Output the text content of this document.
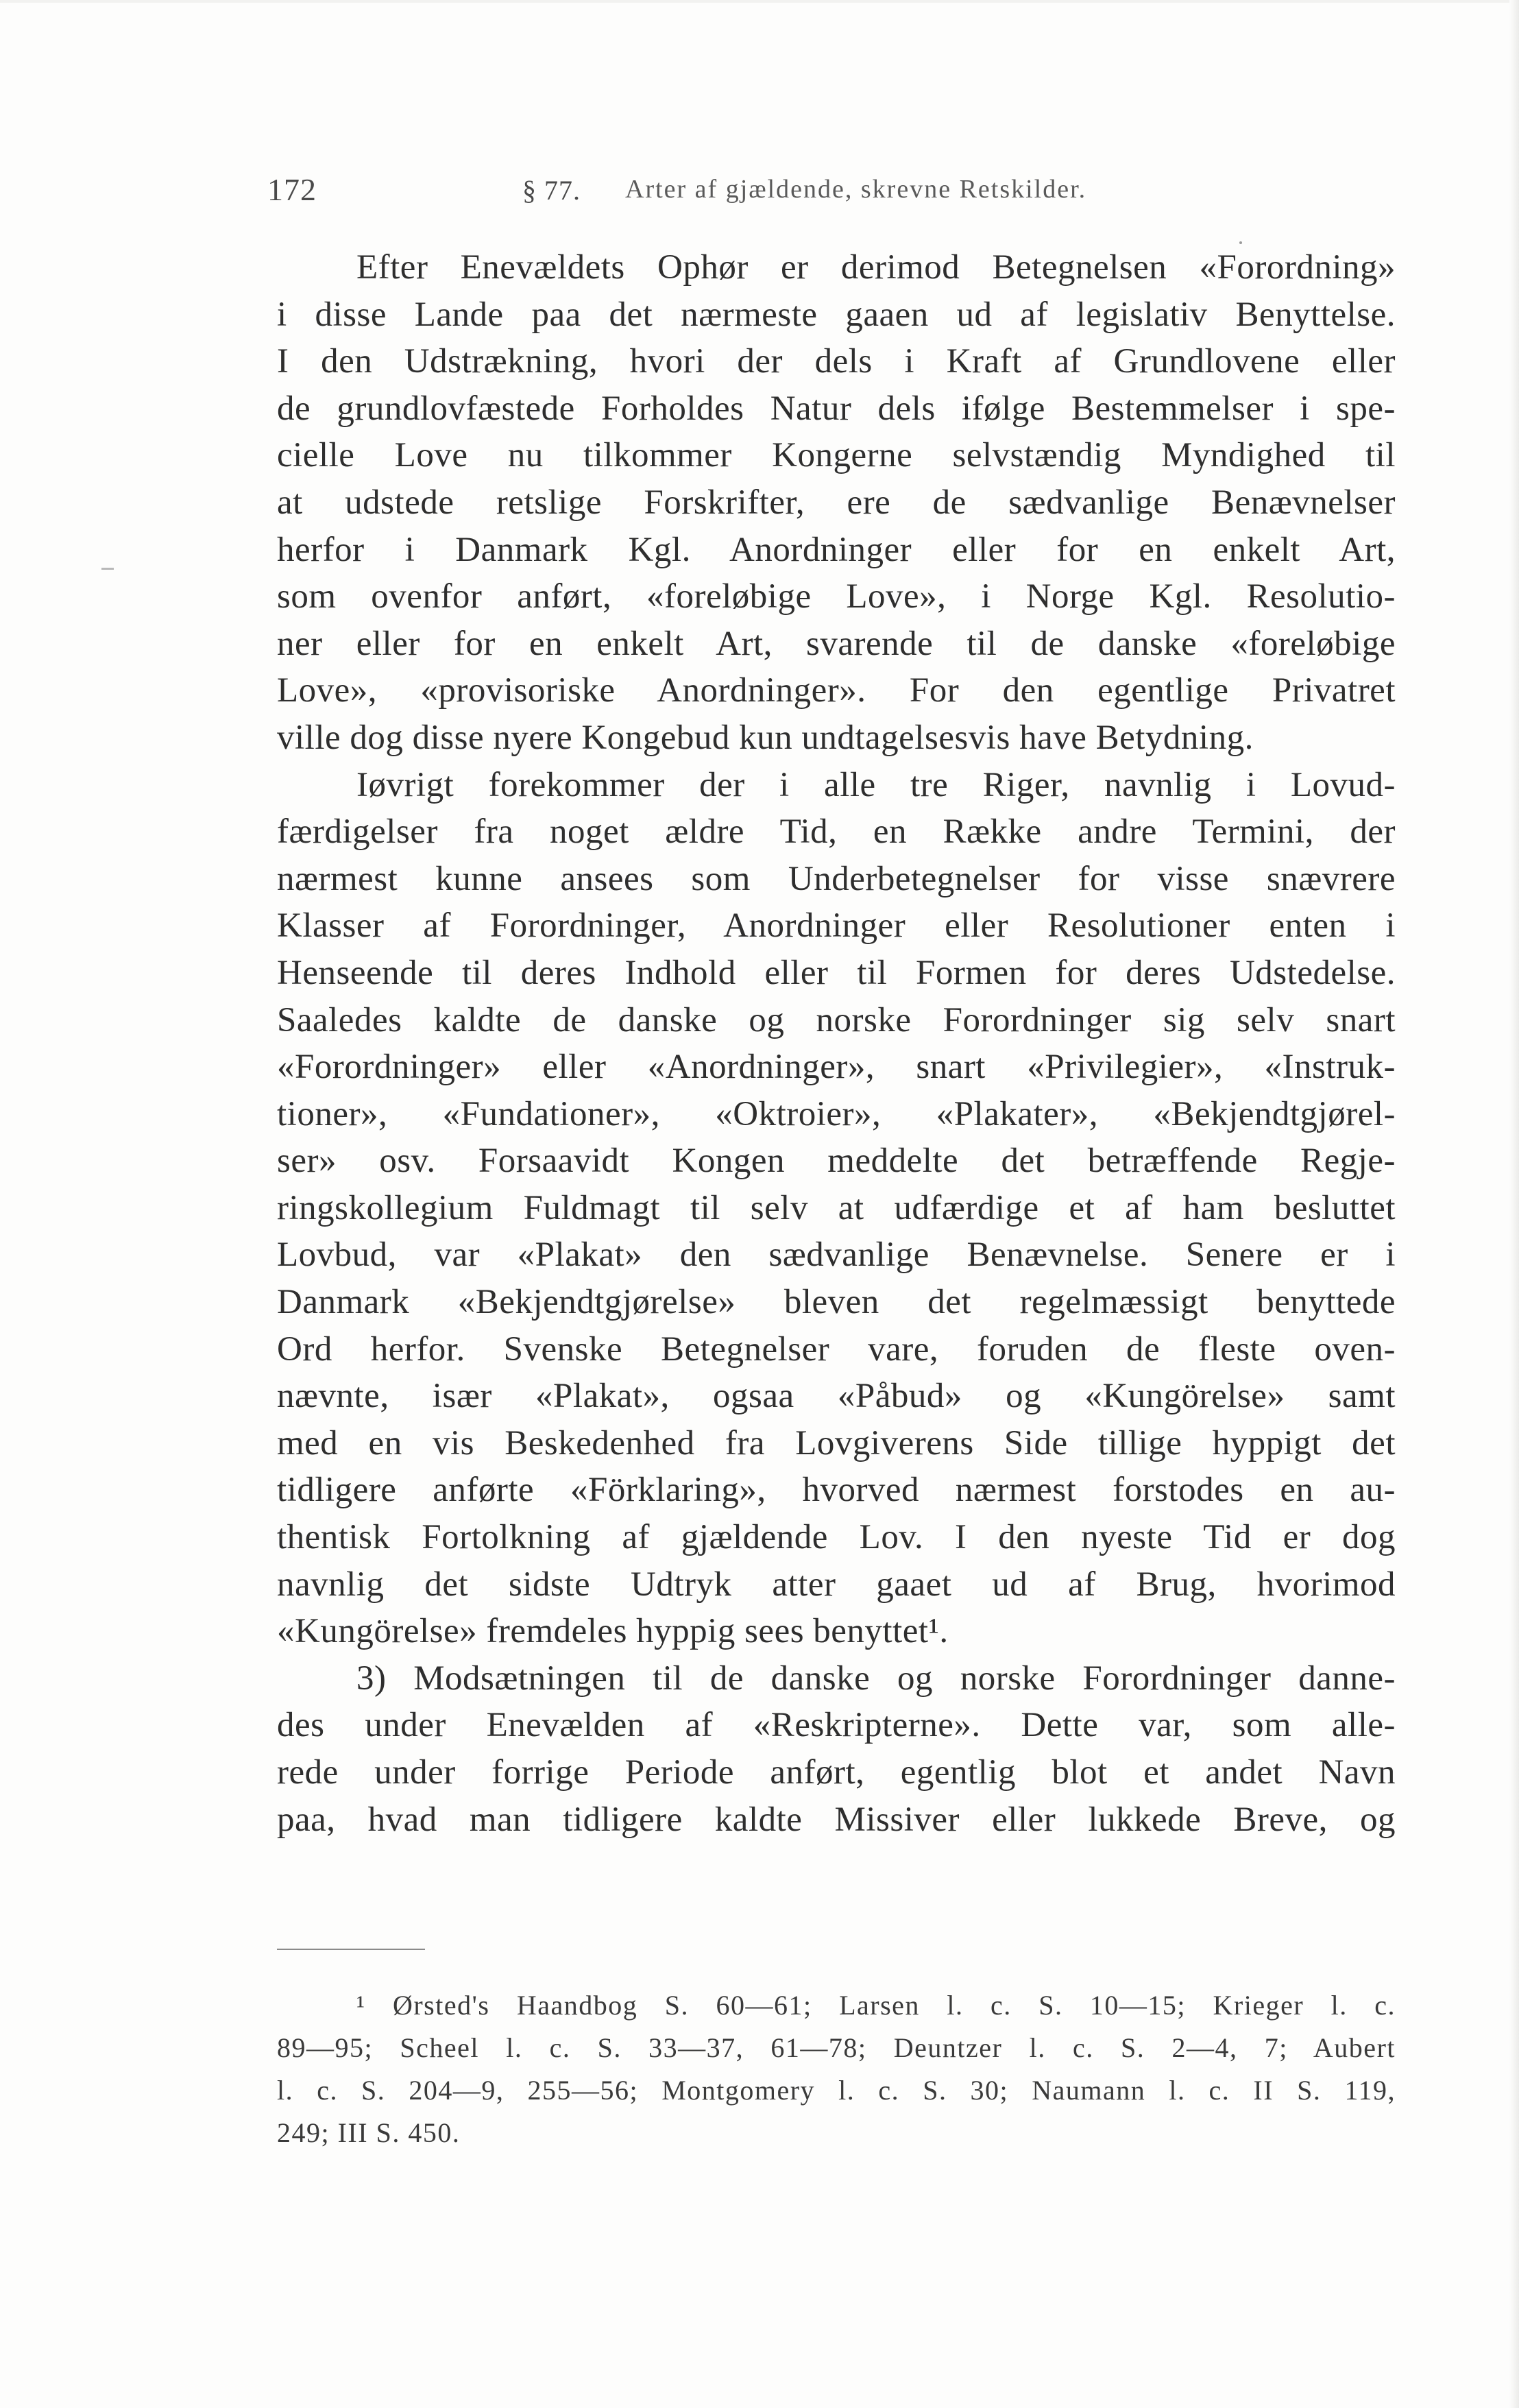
172	§ 77. Arter af gjældende, skrevne Retskilder.
Efter Enevældets Ophør er derimod Betegnelsen «Forordning»
i disse Lande paa det nærmeste gaaen ud af legislativ Benyttelse.
I den Udstrækning, hvori der dels i Kraft af Grundlovene eller
de grundlovfæstede Forholdes Natur dels ifølge Bestemmelser i spe-
cielle Love nu tilkommer Kongerne selvstændig Myndighed til
at udstede retslige Forskrifter, ere de sædvanlige Benævnelser
herfor i Danmark Kgl. Anordninger eller for en enkelt Art,
som ovenfor anført, «foreløbige Love», i Norge Kgl. Resolutio-
ner eller for en enkelt Art, svarende til de danske «foreløbige
Love», «provisoriske Anordninger». For den egentlige Privatret
ville dog disse nyere Kongebud kun undtagelsesvis have Betydning.
Iøvrigt forekommer der i alle tre Riger, navnlig i Lovud-
færdigelser fra noget ældre Tid, en Række andre Termini, der
nærmest kunne ansees som Underbetegnelser for visse snævrere
Klasser af Forordninger, Anordninger eller Resolutioner enten i
Henseende til deres Indhold eller til Formen for deres Udstedelse.
Saaledes kaldte de danske og norske Forordninger sig selv snart
«Forordninger» eller «Anordninger», snart «Privilegier», «Instruk-
tioner», «Fundationer», «Oktroier», «Plakater», «Bekjendtgjørel-
ser» osv. Forsaavidt Kongen meddelte det betræffende Regje-
ringskollegium Fuldmagt til selv at udfærdige et af ham besluttet
Lovbud, var «Plakat» den sædvanlige Benævnelse. Senere er i
Danmark «Bekjendtgjørelse» bleven det regelmæssigt benyttede
Ord herfor. Svenske Betegnelser vare, foruden de fleste oven-
nævnte, især «Plakat», ogsaa «Påbud» og «Kungörelse» samt
med en vis Beskedenhed fra Lovgiverens Side tillige hyppigt det
tidligere anførte «Förklaring», hvorved nærmest forstodes en au-
thentisk Fortolkning af gjældende Lov. I den nyeste Tid er dog
navnlig det sidste Udtryk atter gaaet ud af Brug, hvorimod
«Kungörelse» fremdeles hyppig sees benyttet¹.
3) Modsætningen til de danske og norske Forordninger danne-
des under Enevælden af «Reskripterne». Dette var, som alle-
rede under forrige Periode anført, egentlig blot et andet Navn
paa, hvad man tidligere kaldte Missiver eller lukkede Breve, og
¹ Ørsted's Haandbog S. 60—61; Larsen l. c. S. 10—15; Krieger l. c.
89—95; Scheel l. c. S. 33—37, 61—78; Deuntzer l. c. S. 2—4, 7; Aubert
l. c. S. 204—9, 255—56; Montgomery l. c. S. 30; Naumann l. c. II S. 119,
249; III S. 450.
